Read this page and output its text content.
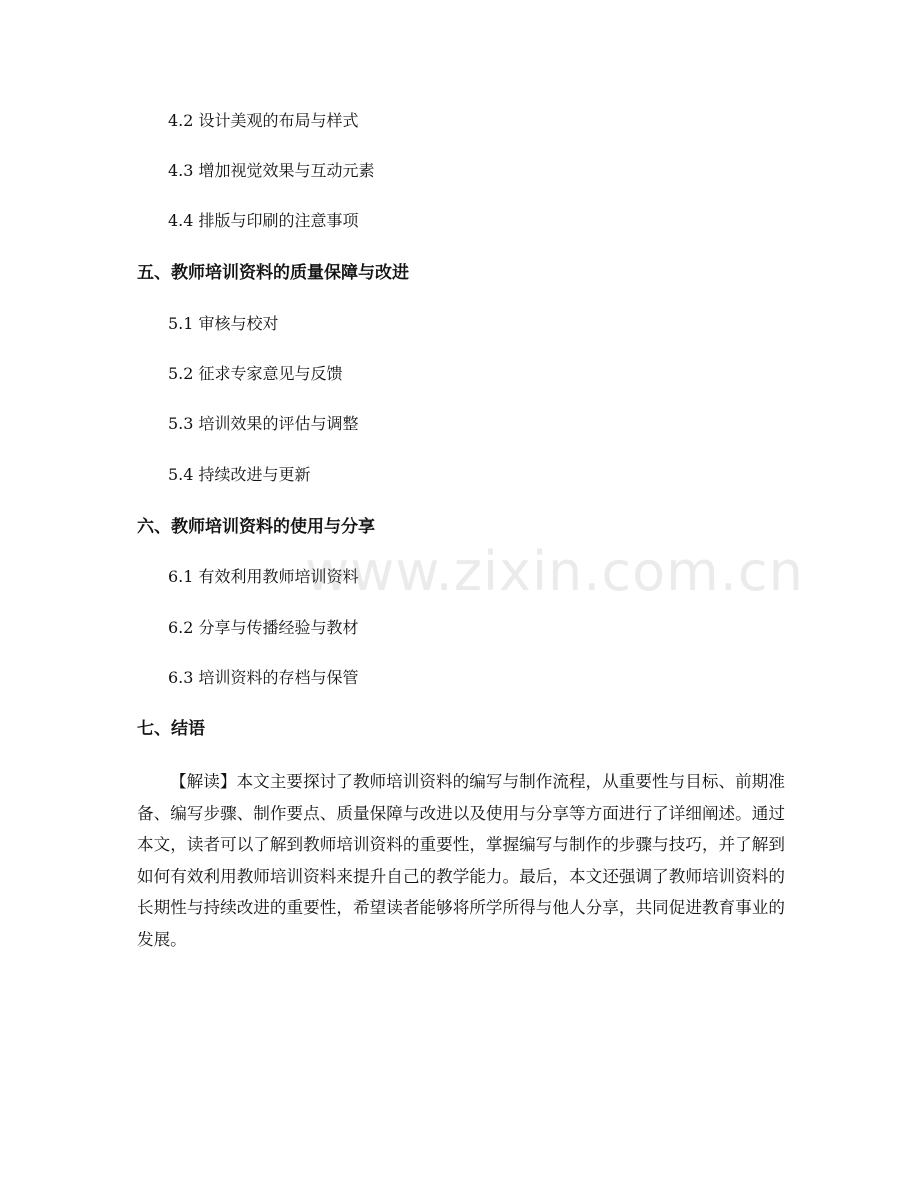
4.2 设计美观的布局与样式
4.3 增加视觉效果与互动元素
4.4 排版与印刷的注意事项
五、教师培训资料的质量保障与改进
5.1 审核与校对
5.2 征求专家意见与反馈
5.3 培训效果的评估与调整
5.4 持续改进与更新
六、教师培训资料的使用与分享
6.1 有效利用教师培训资料
6.2 分享与传播经验与教材
6.3 培训资料的存档与保管
七、结语

【解读】本文主要探讨了教师培训资料的编写与制作流程，从重要性与目标、前期准备、编写步骤、制作要点、质量保障与改进以及使用与分享等方面进行了详细阐述。通过本文，读者可以了解到教师培训资料的重要性，掌握编写与制作的步骤与技巧，并了解到如何有效利用教师培训资料来提升自己的教学能力。最后，本文还强调了教师培训资料的长期性与持续改进的重要性，希望读者能够将所学所得与他人分享，共同促进教育事业的发展。

www.zixin.com.cn
